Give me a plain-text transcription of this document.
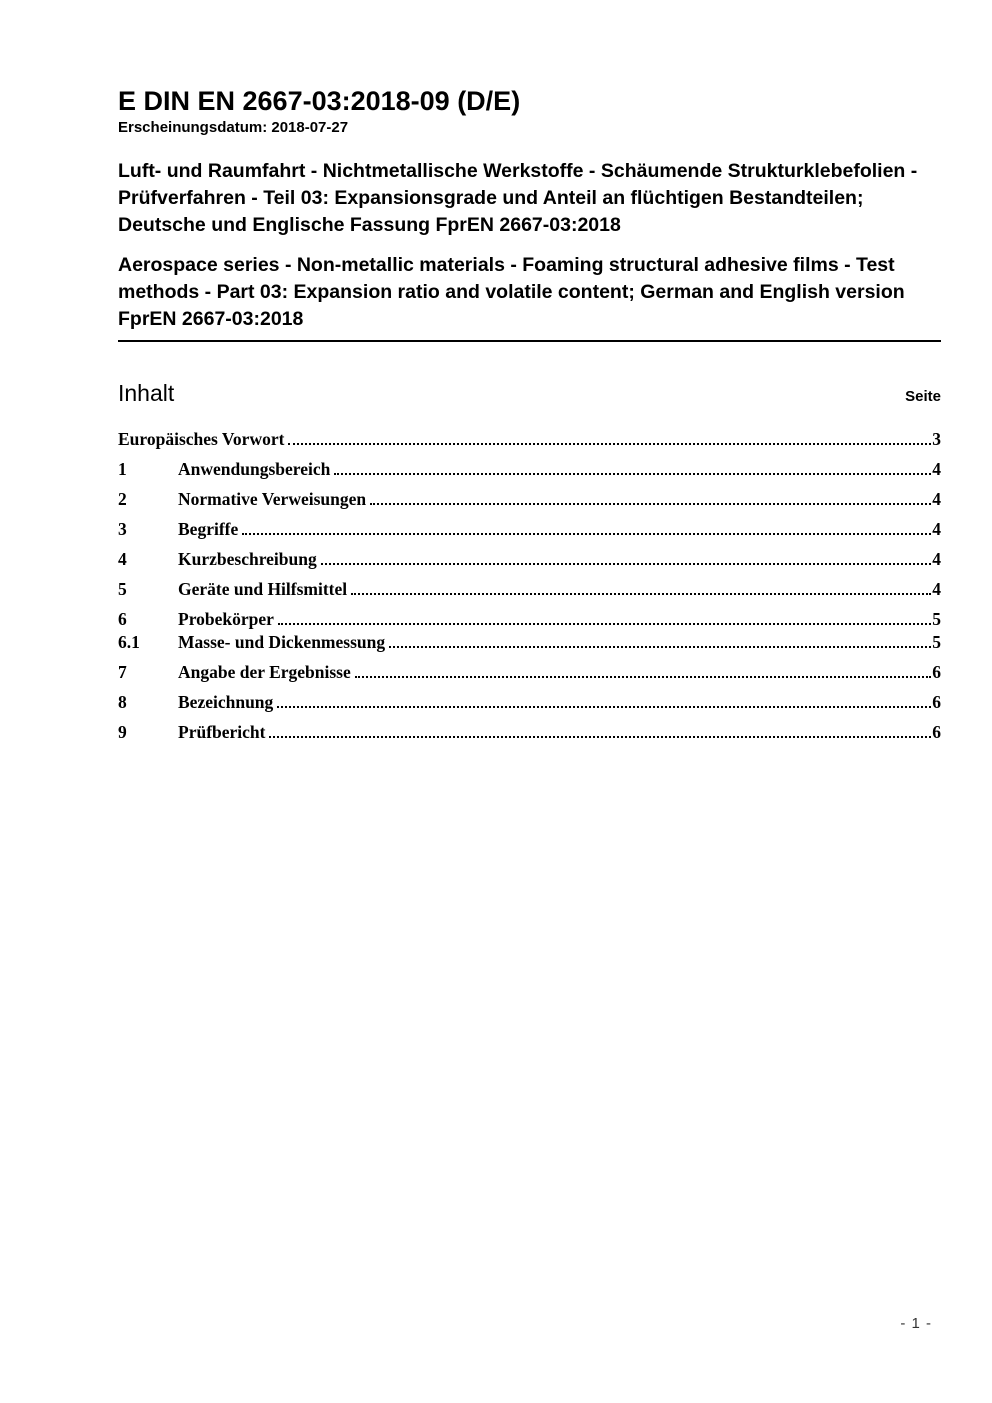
E DIN EN 2667-03:2018-09 (D/E)
Erscheinungsdatum: 2018-07-27
Luft- und Raumfahrt - Nichtmetallische Werkstoffe - Schäumende Strukturklebefolien - Prüfverfahren - Teil 03: Expansionsgrade und Anteil an flüchtigen Bestandteilen; Deutsche und Englische Fassung FprEN 2667-03:2018
Aerospace series - Non-metallic materials - Foaming structural adhesive films - Test methods - Part 03: Expansion ratio and volatile content; German and English version FprEN 2667-03:2018
Inhalt	Seite
Europäisches Vorwort	3
1	Anwendungsbereich	4
2	Normative Verweisungen	4
3	Begriffe	4
4	Kurzbeschreibung	4
5	Geräte und Hilfsmittel	4
6	Probekörper	5
6.1	Masse- und Dickenmessung	5
7	Angabe der Ergebnisse	6
8	Bezeichnung	6
9	Prüfbericht	6
- 1 -
